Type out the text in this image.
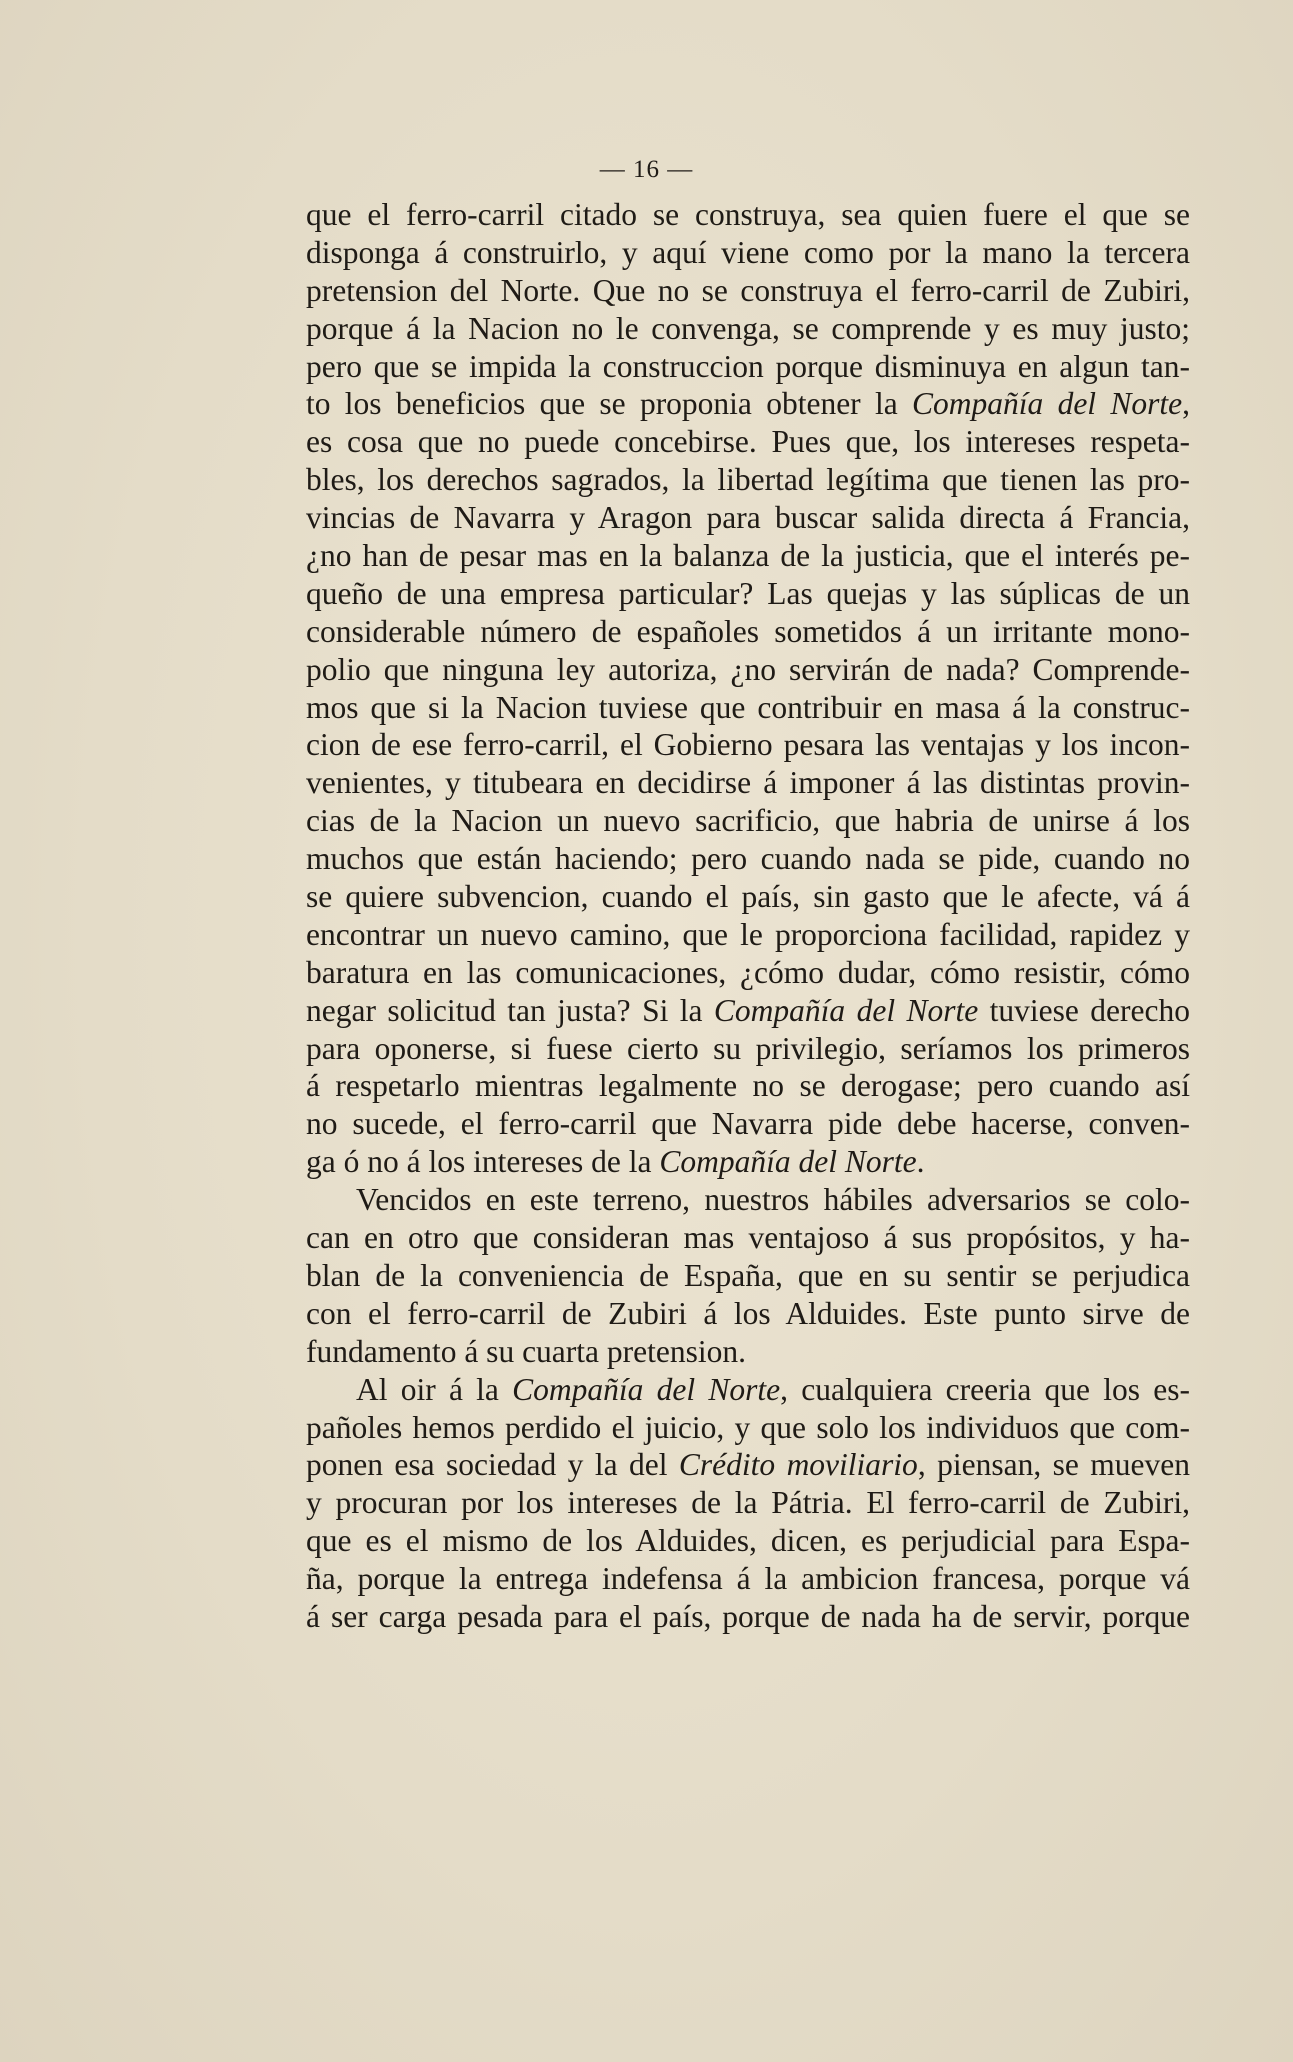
— 16 —
que el ferro-carril citado se construya, sea quien fuere el que se
disponga á construirlo, y aquí viene como por la mano la tercera
pretension del Norte. Que no se construya el ferro-carril de Zubiri,
porque á la Nacion no le convenga, se comprende y es muy justo;
pero que se impida la construccion porque disminuya en algun tan-
to los beneficios que se proponia obtener la Compañía del Norte,
es cosa que no puede concebirse. Pues que, los intereses respeta-
bles, los derechos sagrados, la libertad legítima que tienen las pro-
vincias de Navarra y Aragon para buscar salida directa á Francia,
¿no han de pesar mas en la balanza de la justicia, que el interés pe-
queño de una empresa particular? Las quejas y las súplicas de un
considerable número de españoles sometidos á un irritante mono-
polio que ninguna ley autoriza, ¿no servirán de nada? Comprende-
mos que si la Nacion tuviese que contribuir en masa á la construc-
cion de ese ferro-carril, el Gobierno pesara las ventajas y los incon-
venientes, y titubeara en decidirse á imponer á las distintas provin-
cias de la Nacion un nuevo sacrificio, que habria de unirse á los
muchos que están haciendo; pero cuando nada se pide, cuando no
se quiere subvencion, cuando el país, sin gasto que le afecte, vá á
encontrar un nuevo camino, que le proporciona facilidad, rapidez y
baratura en las comunicaciones, ¿cómo dudar, cómo resistir, cómo
negar solicitud tan justa? Si la Compañía del Norte tuviese derecho
para oponerse, si fuese cierto su privilegio, seríamos los primeros
á respetarlo mientras legalmente no se derogase; pero cuando así
no sucede, el ferro-carril que Navarra pide debe hacerse, conven-
ga ó no á los intereses de la Compañía del Norte.
Vencidos en este terreno, nuestros hábiles adversarios se colo-
can en otro que consideran mas ventajoso á sus propósitos, y ha-
blan de la conveniencia de España, que en su sentir se perjudica
con el ferro-carril de Zubiri á los Alduides. Este punto sirve de
fundamento á su cuarta pretension.
Al oir á la Compañía del Norte, cualquiera creeria que los es-
pañoles hemos perdido el juicio, y que solo los individuos que com-
ponen esa sociedad y la del Crédito moviliario, piensan, se mueven
y procuran por los intereses de la Pátria. El ferro-carril de Zubiri,
que es el mismo de los Alduides, dicen, es perjudicial para Espa-
ña, porque la entrega indefensa á la ambicion francesa, porque vá
á ser carga pesada para el país, porque de nada ha de servir, porque
